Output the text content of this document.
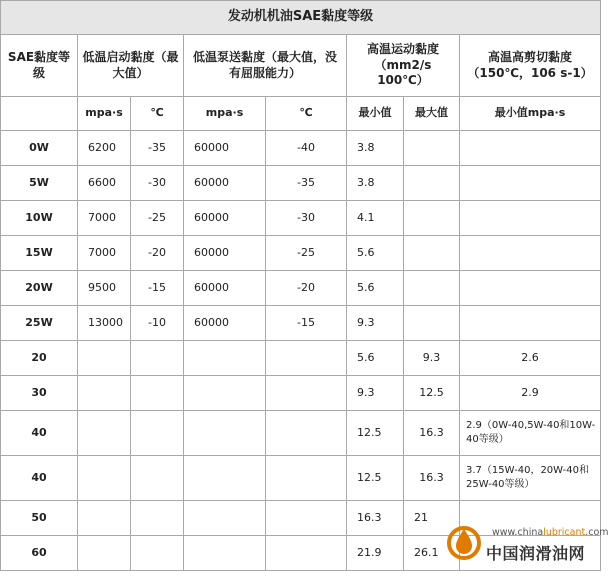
发动机机油SAE黏度等级							
SAE黏度等级	低温启动黏度（最大值）		低温泵送黏度（最大值，没有屈服能力）		高温运动黏度（mm2/s 100℃）		高温高剪切黏度（150℃，106 s-1）
	mpa·s	℃	mpa·s	℃	最小值	最大值	最小值mpa·s
0W	6200	-35	60000	-40	3.8		
5W	6600	-30	60000	-35	3.8		
10W	7000	-25	60000	-30	4.1		
15W	7000	-20	60000	-25	5.6		
20W	9500	-15	60000	-20	5.6		
25W	13000	-10	60000	-15	9.3		
20					5.6	9.3	2.6
30					9.3	12.5	2.9
40					12.5	16.3	2.9（0W-40,5W-40和10W-40等级）
40					12.5	16.3	3.7（15W-40，20W-40和25W-40等级）
50					16.3	21	
60					21.9	26.1	
www.chinalubricant.com
中国润滑油网
